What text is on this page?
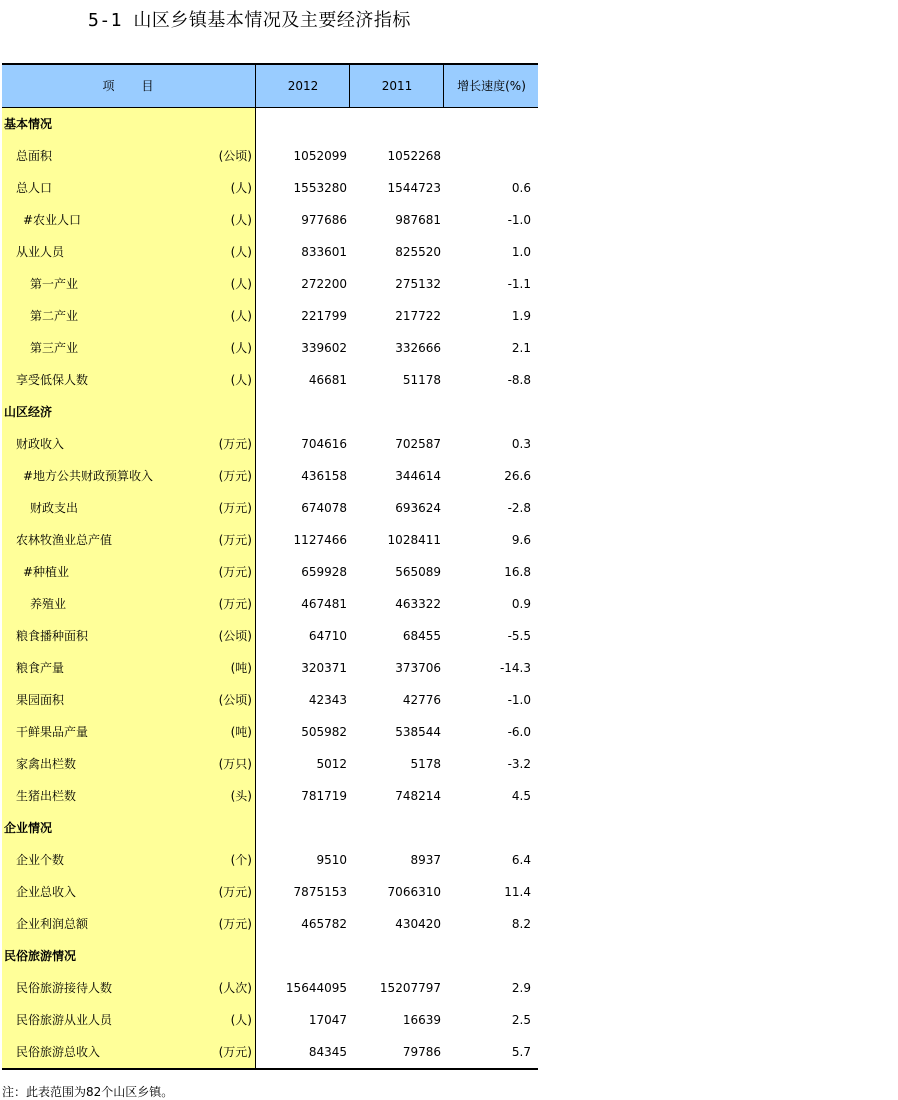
5-1 山区乡镇基本情况及主要经济指标
项　　目	2012	2011	增长速度(%)
基本情况
总面积	(公顷)	1052099	1052268
总人口	(人)	1553280	1544723	0.6
#农业人口	(人)	977686	987681	-1.0
从业人员	(人)	833601	825520	1.0
第一产业	(人)	272200	275132	-1.1
第二产业	(人)	221799	217722	1.9
第三产业	(人)	339602	332666	2.1
享受低保人数	(人)	46681	51178	-8.8
山区经济
财政收入	(万元)	704616	702587	0.3
#地方公共财政预算收入	(万元)	436158	344614	26.6
财政支出	(万元)	674078	693624	-2.8
农林牧渔业总产值	(万元)	1127466	1028411	9.6
#种植业	(万元)	659928	565089	16.8
养殖业	(万元)	467481	463322	0.9
粮食播种面积	(公顷)	64710	68455	-5.5
粮食产量	(吨)	320371	373706	-14.3
果园面积	(公顷)	42343	42776	-1.0
干鲜果品产量	(吨)	505982	538544	-6.0
家禽出栏数	(万只)	5012	5178	-3.2
生猪出栏数	(头)	781719	748214	4.5
企业情况
企业个数	(个)	9510	8937	6.4
企业总收入	(万元)	7875153	7066310	11.4
企业利润总额	(万元)	465782	430420	8.2
民俗旅游情况
民俗旅游接待人数	(人次)	15644095	15207797	2.9
民俗旅游从业人员	(人)	17047	16639	2.5
民俗旅游总收入	(万元)	84345	79786	5.7
注：此表范围为82个山区乡镇。
